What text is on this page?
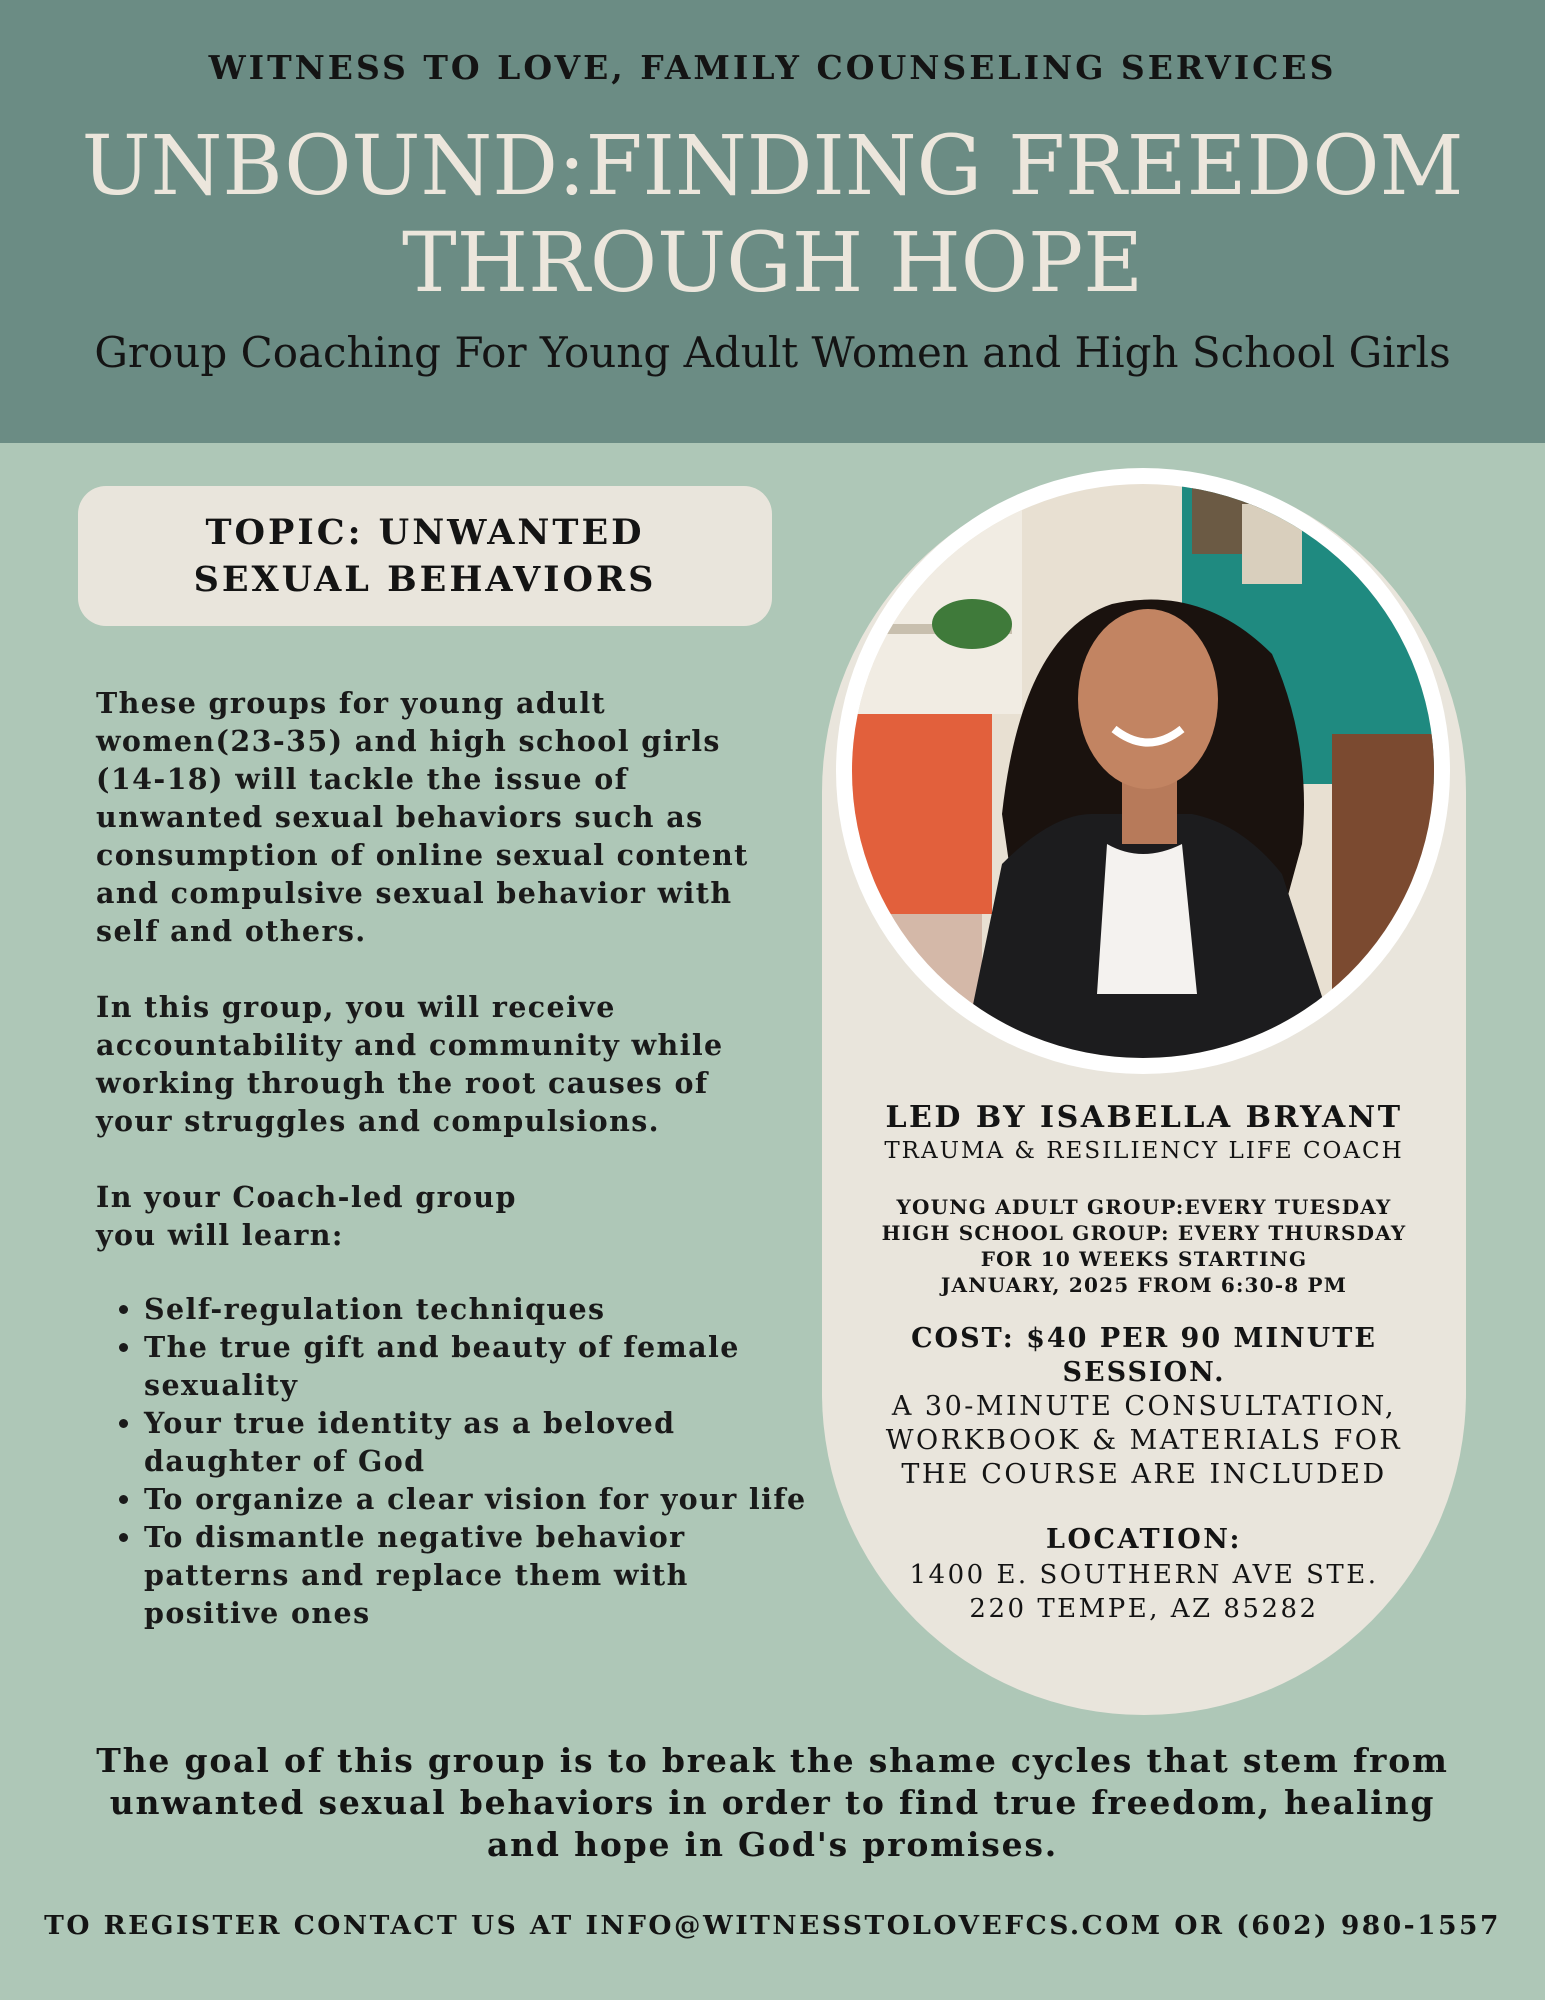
WITNESS TO LOVE, FAMILY COUNSELING SERVICES
UNBOUND:FINDING FREEDOM
THROUGH HOPE
Group Coaching For Young Adult Women and High School Girls
TOPIC: UNWANTED
SEXUAL BEHAVIORS
These groups for young adult women(23-35) and high school girls (14-18) will tackle the issue of unwanted sexual behaviors such as consumption of online sexual content and compulsive sexual behavior with self and others.
In this group, you will receive accountability and community while working through the root causes of your struggles and compulsions.
In your Coach-led group
you will learn:
• Self-regulation techniques
• The true gift and beauty of female sexuality
• Your true identity as a beloved daughter of God
• To organize a clear vision for your life
• To dismantle negative behavior patterns and replace them with positive ones
LED BY ISABELLA BRYANT
TRAUMA & RESILIENCY LIFE COACH
YOUNG ADULT GROUP:EVERY TUESDAY
HIGH SCHOOL GROUP: EVERY THURSDAY
FOR 10 WEEKS STARTING
JANUARY, 2025 FROM 6:30-8 PM
COST: $40 PER 90 MINUTE
SESSION.
A 30-MINUTE CONSULTATION,
WORKBOOK & MATERIALS FOR
THE COURSE ARE INCLUDED
LOCATION:
1400 E. SOUTHERN AVE STE.
220 TEMPE, AZ 85282
The goal of this group is to break the shame cycles that stem from unwanted sexual behaviors in order to find true freedom, healing and hope in God's promises.
TO REGISTER CONTACT US AT INFO@WITNESSTOLOVEFCS.COM OR (602) 980-1557
